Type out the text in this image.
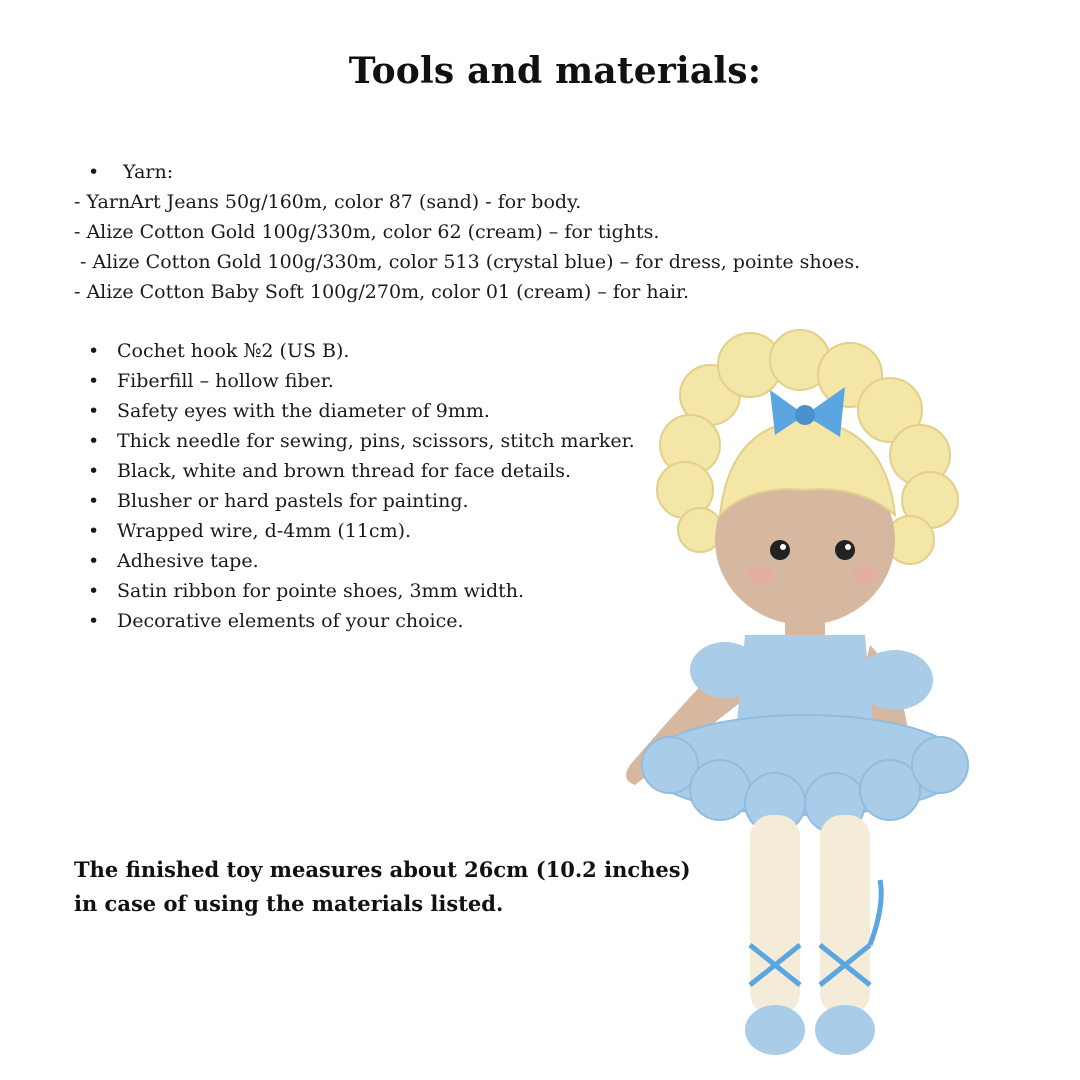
Tools and materials:
• Yarn:
- YarnArt Jeans 50g/160m, color 87 (sand) - for body.
- Alize Cotton Gold 100g/330m, color 62 (cream) – for tights.
- Alize Cotton Gold 100g/330m, color 513 (crystal blue) – for dress, pointe shoes.
- Alize Cotton Baby Soft 100g/270m, color 01 (cream) – for hair.
• Cochet hook №2 (US B).
• Fiberfill – hollow fiber.
• Safety eyes with the diameter of 9mm.
• Thick needle for sewing, pins, scissors, stitch marker.
• Black, white and brown thread for face details.
• Blusher or hard pastels for painting.
• Wrapped wire, d-4mm (11cm).
• Adhesive tape.
• Satin ribbon for pointe shoes, 3mm width.
• Decorative elements of your choice.
The finished toy measures about 26cm (10.2 inches)
in case of using the materials listed.
